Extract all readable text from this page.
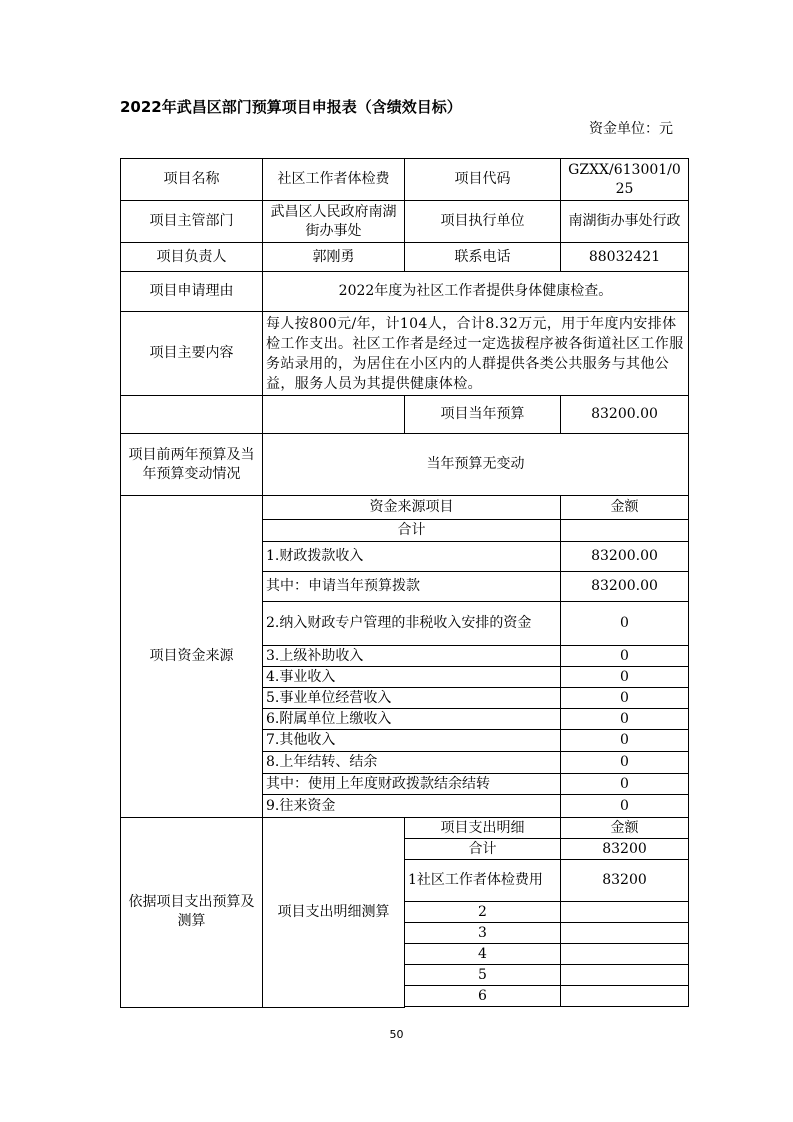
2022年武昌区部门预算项目申报表（含绩效目标）
资金单位：元
项目名称	社区工作者体检费	项目代码	GZXX/613001/025
项目主管部门	武昌区人民政府南湖街办事处	项目执行单位	南湖街办事处行政
项目负责人	郭刚勇	联系电话	88032421
项目申请理由	2022年度为社区工作者提供身体健康检查。		
项目主要内容	每人按800元/年，计104人，合计8.32万元，用于年度内安排体检工作支出。社区工作者是经过一定选拔程序被各街道社区工作服务站录用的，为居住在小区内的人群提供各类公共服务与其他公益，服务人员为其提供健康体检。		
		项目当年预算	83200.00
项目前两年预算及当年预算变动情况	当年预算无变动		
项目资金来源	资金来源项目		金额
	合计		
	1.财政拨款收入		83200.00
	其中：申请当年预算拨款		83200.00
	2.纳入财政专户管理的非税收入安排的资金		0
	3.上级补助收入		0
	4.事业收入		0
	5.事业单位经营收入		0
	6.附属单位上缴收入		0
	7.其他收入		0
	8.上年结转、结余		0
	其中：使用上年度财政拨款结余结转		0
	9.往来资金		0
依据项目支出预算及测算	项目支出明细测算	项目支出明细	金额
		合计	83200
		1社区工作者体检费用	83200
		2	
		3	
		4	
		5	
		6	

50
